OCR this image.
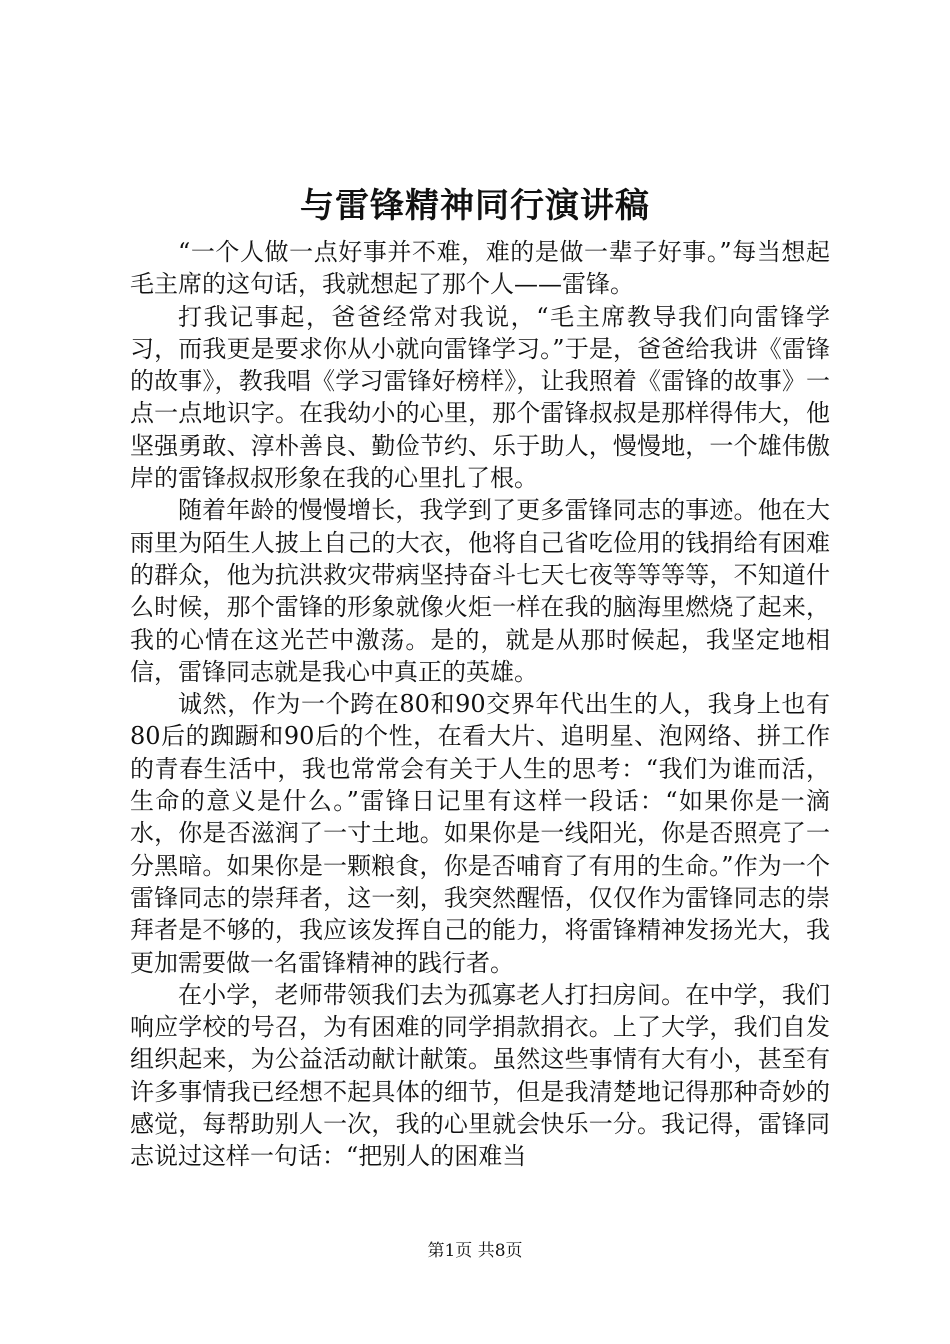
与雷锋精神同行演讲稿

“一个人做一点好事并不难，难的是做一辈子好事。”每当想起毛主席的这句话，我就想起了那个人——雷锋。

打我记事起，爸爸经常对我说，“毛主席教导我们向雷锋学习，而我更是要求你从小就向雷锋学习。”于是，爸爸给我讲《雷锋的故事》，教我唱《学习雷锋好榜样》，让我照着《雷锋的故事》一点一点地识字。在我幼小的心里，那个雷锋叔叔是那样得伟大，他坚强勇敢、淳朴善良、勤俭节约、乐于助人，慢慢地，一个雄伟傲岸的雷锋叔叔形象在我的心里扎了根。

随着年龄的慢慢增长，我学到了更多雷锋同志的事迹。他在大雨里为陌生人披上自己的大衣，他将自己省吃俭用的钱捐给有困难的群众，他为抗洪救灾带病坚持奋斗七天七夜等等等等，不知道什么时候，那个雷锋的形象就像火炬一样在我的脑海里燃烧了起来，我的心情在这光芒中激荡。是的，就是从那时候起，我坚定地相信，雷锋同志就是我心中真正的英雄。

诚然，作为一个跨在80和90交界年代出生的人，我身上也有80后的踟蹰和90后的个性，在看大片、追明星、泡网络、拼工作的青春生活中，我也常常会有关于人生的思考：“我们为谁而活，生命的意义是什么。”雷锋日记里有这样一段话：“如果你是一滴水，你是否滋润了一寸土地。如果你是一线阳光，你是否照亮了一分黑暗。如果你是一颗粮食，你是否哺育了有用的生命。”作为一个雷锋同志的崇拜者，这一刻，我突然醒悟，仅仅作为雷锋同志的崇拜者是不够的，我应该发挥自己的能力，将雷锋精神发扬光大，我更加需要做一名雷锋精神的践行者。

在小学，老师带领我们去为孤寡老人打扫房间。在中学，我们响应学校的号召，为有困难的同学捐款捐衣。上了大学，我们自发组织起来，为公益活动献计献策。虽然这些事情有大有小，甚至有许多事情我已经想不起具体的细节，但是我清楚地记得那种奇妙的感觉，每帮助别人一次，我的心里就会快乐一分。我记得，雷锋同志说过这样一句话：“把别人的困难当

第1页 共8页
